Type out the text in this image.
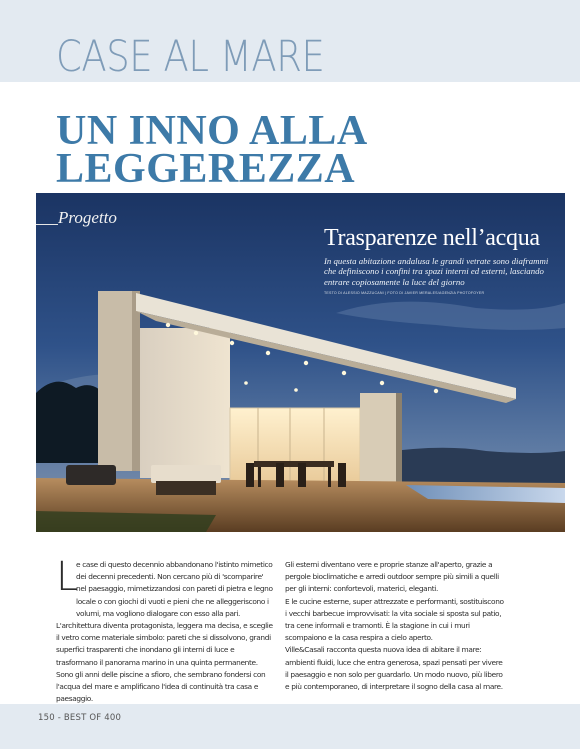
CASE AL MARE
UN INNO ALLA
LEGGEREZZA
Progetto
Trasparenze nell’acqua
In questa abitazione andalusa le grandi vetrate sono diaframmi che definiscono i confini tra spazi interni ed esterni, lasciando entrare copiosamente la luce del giorno
TESTO DI ALESSIO MAZZUCANI | FOTO DI JAVIER MERALES/AGENZIA PHOTOFOYER
L

e case di questo decennio abbandonano l'istinto mimetico dei decenni precedenti. Non cercano più di 'scomparire' nel paesaggio, mimetizzandosi con pareti di pietra e legno locale o con giochi di vuoti e pieni che ne alleggeriscono i volumi, ma vogliono dialogare con esso alla pari.

L'architettura diventa protagonista, leggera ma decisa, e sceglie il vetro come materiale simbolo: pareti che si dissolvono, grandi superfici trasparenti che inondano gli interni di luce e trasformano il panorama marino in una quinta permanente. Sono gli anni delle piscine a sfioro, che sembrano fondersi con l'acqua del mare e amplificano l'idea di continuità tra casa e paesaggio.

Gli esterni diventano vere e proprie stanze all'aperto, grazie a pergole bioclimatiche e arredi outdoor sempre più simili a quelli per gli interni: confortevoli, materici, eleganti.

E le cucine esterne, super attrezzate e performanti, sostituiscono i vecchi barbecue improvvisati: la vita sociale si sposta sul patio, tra cene informali e tramonti. È la stagione in cui i muri scompaiono e la casa respira a cielo aperto.

Ville&Casali racconta questa nuova idea di abitare il mare: ambienti fluidi, luce che entra generosa, spazi pensati per vivere il paesaggio e non solo per guardarlo. Un modo nuovo, più libero e più contemporaneo, di interpretare il sogno della casa al mare.

150 - BEST OF 400
